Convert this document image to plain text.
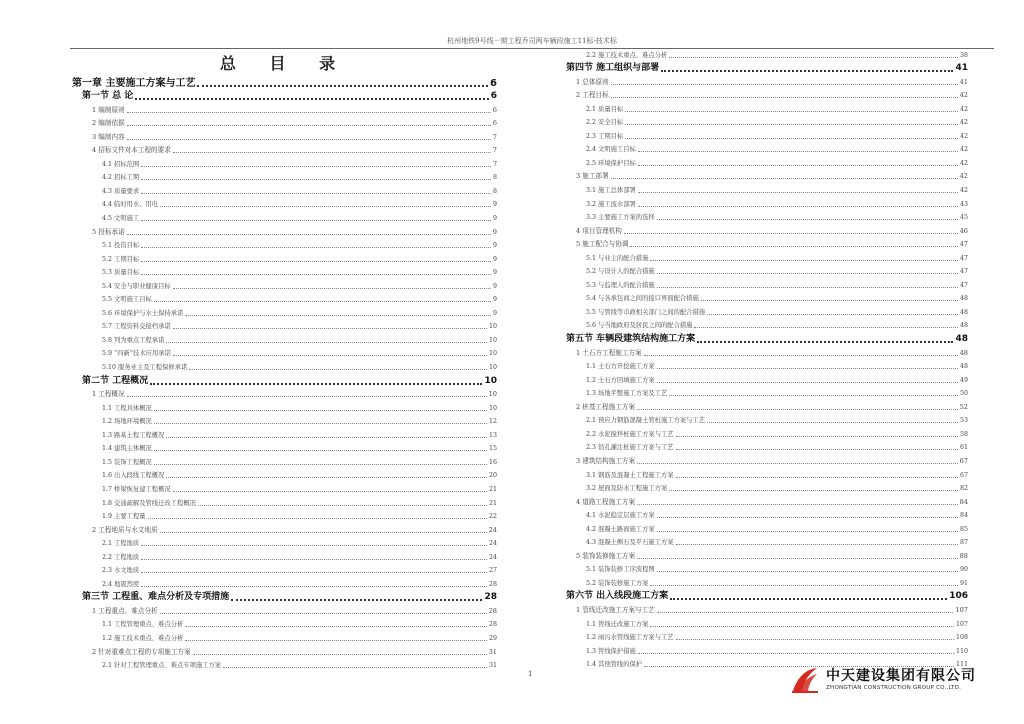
杭州地铁9号线一期工程乔司两车辆段施工11标-技术标
总 目 录
第一章 主要施工方案与工艺	6
第一节 总 论	6
1 编制原则	6
2 编制依据	6
3 编制内容	7
4 招标文件对本工程的要求	7
4.1 招标范围	7
4.2 招标工期	8
4.3 质量要求	8
4.4 临时用水、用电	9
4.5 文明施工	9
5 投标承诺	9
5.1 投资目标	9
5.2 工期目标	9
5.3 质量目标	9
5.4 安全与职业健康目标	9
5.5 文明施工目标	9
5.6 环境保护与水土保持承诺	9
5.7 工程资料交接档承诺	10
5.8 列为重点工程承诺	10
5.9 “四新”技术应用承诺	10
5.10 服务业主及工程保修承诺	10
第二节 工程概况	10
1 工程概况	10
1.1 工程具体概况	10
1.2 场地环境概况	12
1.3 路基土程工程概况	13
1.4 建筑主体概况	15
1.5 装饰工程概况	16
1.6 出入段线工程概况	20
1.7 桥梁恢复建工程概况	21
1.8 交通疏解及管线迁改工程概况	21
1.9 主要工程量	22
2 工程地质与水文地质	24
2.1 工程地质	24
2.2 工程地质	24
2.3 水文地质	27
2.4 地震烈度	28
第三节 工程重、难点分析及专项措施	28
1 工程重点、难点分析	28
1.1 工程管理重点、难点分析	28
1.2 施工技术重点、难点分析	29
2 针对重难点工程的专项施工方案	31
2.1 针对工程管理重点、难点专项施工方案	31
2.2 施工技术重点、难点分析	38
第四节 施工组织与部署	41
1 总体原则	41
2 工程目标	42
2.1 质量目标	42
2.2 安全目标	42
2.3 工期目标	42
2.4 文明施工目标	42
2.5 环境保护目标	42
3 施工部署	42
3.1 施工总体部署	42
3.2 施工流水部署	43
3.3 主要施工方案的选择	45
4 项目管理机构	46
5 施工配合与协调	47
5.1 与业主的配合措施	47
5.2 与设计人的配合措施	47
5.3 与监理人的配合措施	47
5.4 与各承包商之间的接口界面配合措施	48
5.5 与管线等市政相关部门之间的配合措施	48
5.6 与当地政府及居民之间的配合措施	48
第五节 车辆段建筑结构施工方案	48
1 土石方工程施工方案	48
1.1 土石方开挖施工方案	48
1.2 土石方回填施工方案	49
1.3 场地平整施工方案及工艺	50
2 桩基工程施工方案	52
2.1 预应力钢筋混凝土管桩施工方案与工艺	53
2.2 水泥搅拌桩施工方案与工艺	58
2.3 钻孔灌注桩施工方案与工艺	61
3 建筑结构施工方案	67
3.1 钢筋及混凝土工程施工方案	67
3.2 屋面及防水工程施工方案	82
4 道路工程施工方案	84
4.1 水泥稳定层施工方案	84
4.2 混凝土路面施工方案	85
4.3 混凝土侧石及平石施工方案	87
5 装饰装修施工方案	88
5.1 装饰装修工序流程图	90
5.2 装饰装修施工方案	91
第六节 出入线段施工方案	106
1 管线迁改施工方案与工艺	107
1.1 管线迁改施工方案	107
1.2 雨污水管线施工方案与工艺	108
1.3 管线保护措施	110
1.4 其他管线的保护	111
1	中天建设集团有限公司
ZHONGTIAN CONSTRUCTION GROUP CO.,LTD.
